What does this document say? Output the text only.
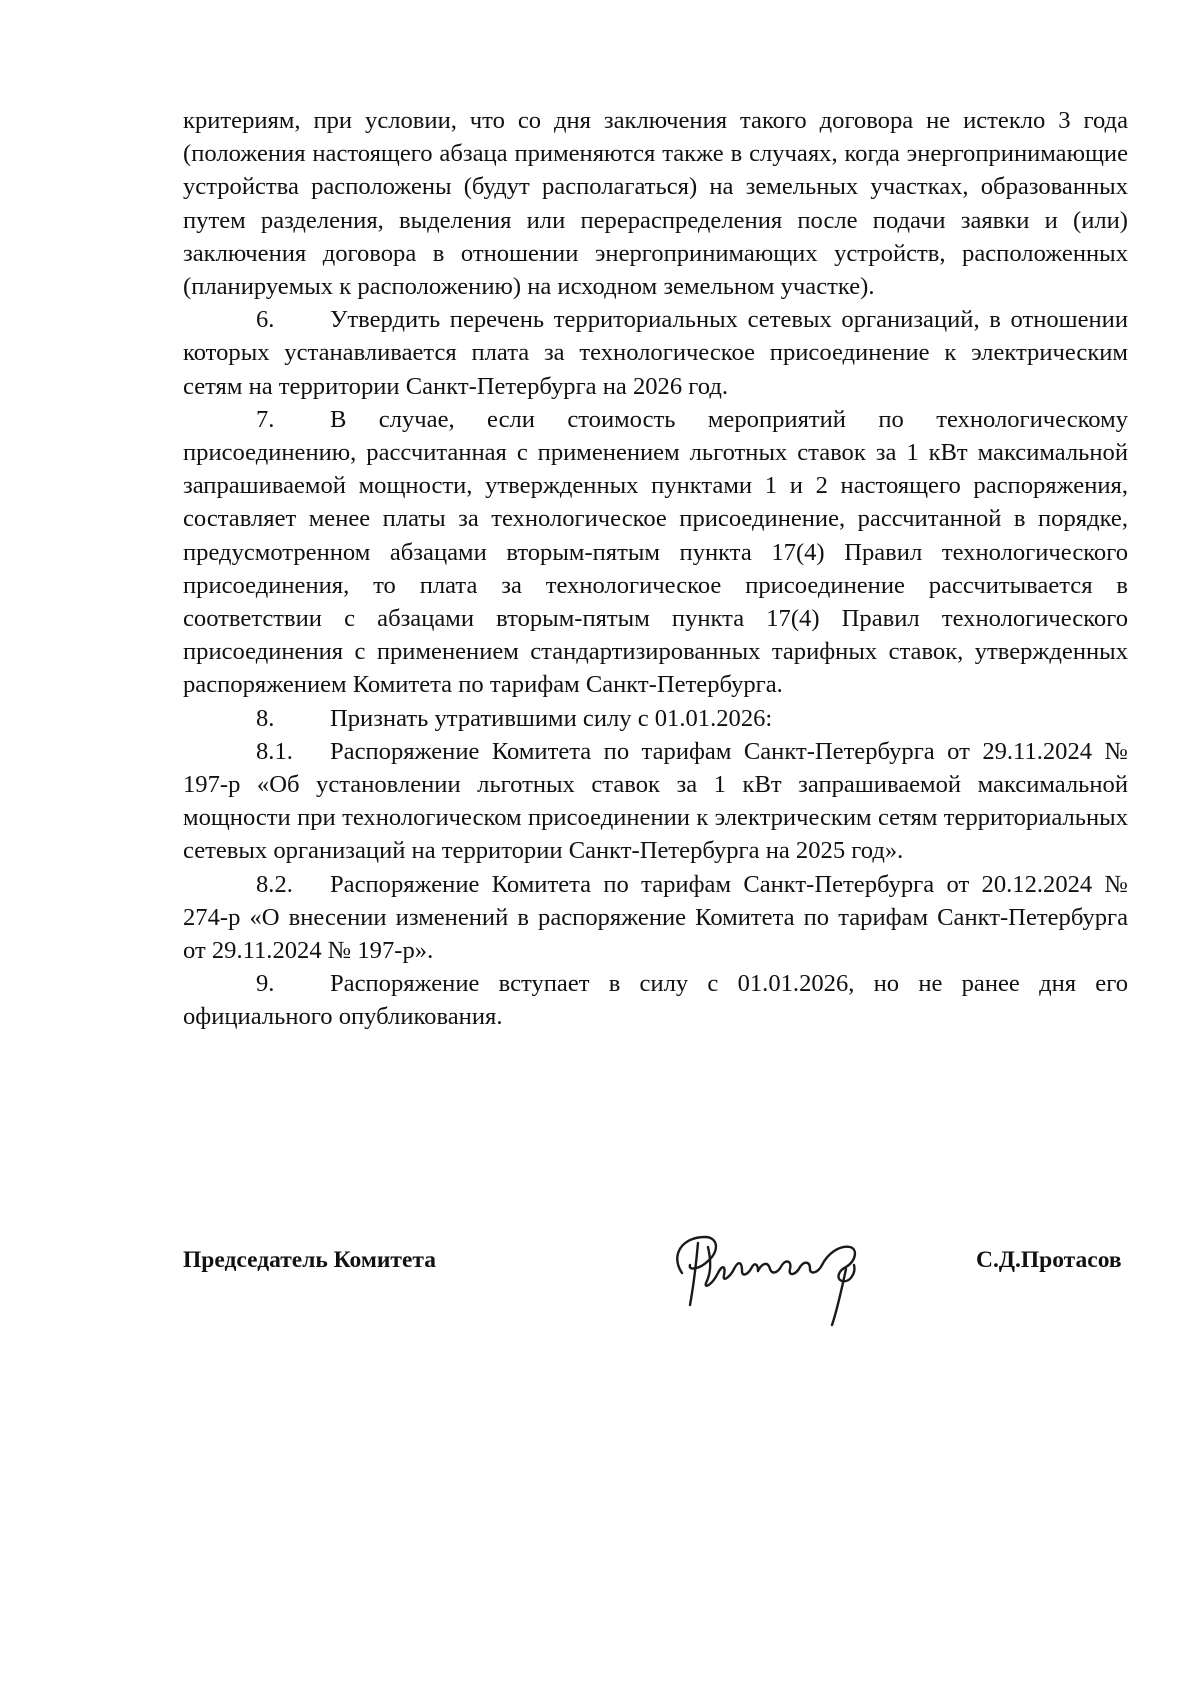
критериям, при условии, что со дня заключения такого договора не истекло 3 года (положения настоящего абзаца применяются также в случаях, когда энергопринимающие устройства расположены (будут располагаться) на земельных участках, образованных путем разделения, выделения или перераспределения после подачи заявки и (или) заключения договора в отношении энергопринимающих устройств, расположенных (планируемых к расположению) на исходном земельном участке).

6. Утвердить перечень территориальных сетевых организаций, в отношении которых устанавливается плата за технологическое присоединение к электрическим сетям на территории Санкт-Петербурга на 2026 год.

7. В случае, если стоимость мероприятий по технологическому присоединению, рассчитанная с применением льготных ставок за 1 кВт максимальной запрашиваемой мощности, утвержденных пунктами 1 и 2 настоящего распоряжения, составляет менее платы за технологическое присоединение, рассчитанной в порядке, предусмотренном абзацами вторым-пятым пункта 17(4) Правил технологического присоединения, то плата за технологическое присоединение рассчитывается в соответствии с абзацами вторым-пятым пункта 17(4) Правил технологического присоединения с применением стандартизированных тарифных ставок, утвержденных распоряжением Комитета по тарифам Санкт-Петербурга.

8. Признать утратившими силу с 01.01.2026:

8.1. Распоряжение Комитета по тарифам Санкт-Петербурга от 29.11.2024 № 197-р «Об установлении льготных ставок за 1 кВт запрашиваемой максимальной мощности при технологическом присоединении к электрическим сетям территориальных сетевых организаций на территории Санкт-Петербурга на 2025 год».

8.2. Распоряжение Комитета по тарифам Санкт-Петербурга от 20.12.2024 № 274-р «О внесении изменений в распоряжение Комитета по тарифам Санкт-Петербурга от 29.11.2024 № 197-р».

9. Распоряжение вступает в силу с 01.01.2026, но не ранее дня его официального опубликования.

Председатель Комитета	С.Д.Протасов
